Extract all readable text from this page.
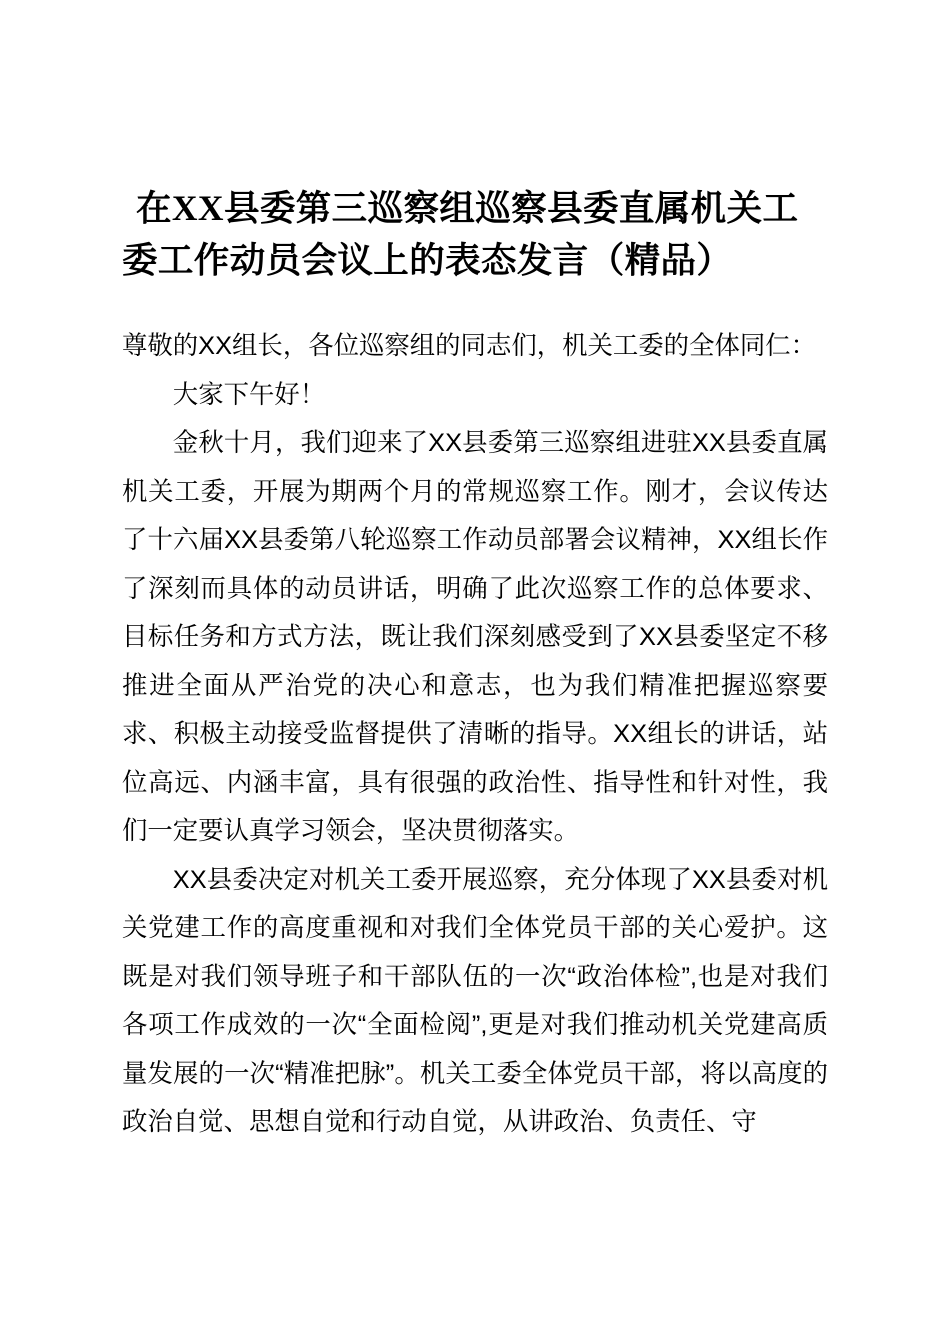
在XX县委第三巡察组巡察县委直属机关工委工作动员会议上的表态发言（精品）

尊敬的XX组长，各位巡察组的同志们，机关工委的全体同仁：

大家下午好！

金秋十月，我们迎来了XX县委第三巡察组进驻XX县委直属机关工委，开展为期两个月的常规巡察工作。刚才，会议传达了十六届XX县委第八轮巡察工作动员部署会议精神，XX组长作了深刻而具体的动员讲话，明确了此次巡察工作的总体要求、目标任务和方式方法，既让我们深刻感受到了XX县委坚定不移推进全面从严治党的决心和意志，也为我们精准把握巡察要求、积极主动接受监督提供了清晰的指导。XX组长的讲话，站位高远、内涵丰富，具有很强的政治性、指导性和针对性，我们一定要认真学习领会，坚决贯彻落实。

XX县委决定对机关工委开展巡察，充分体现了XX县委对机关党建工作的高度重视和对我们全体党员干部的关心爱护。这既是对我们领导班子和干部队伍的一次“政治体检”,也是对我们各项工作成效的一次“全面检阅”,更是对我们推动机关党建高质量发展的一次“精准把脉”。机关工委全体党员干部，将以高度的政治自觉、思想自觉和行动自觉，从讲政治、负责任、守
